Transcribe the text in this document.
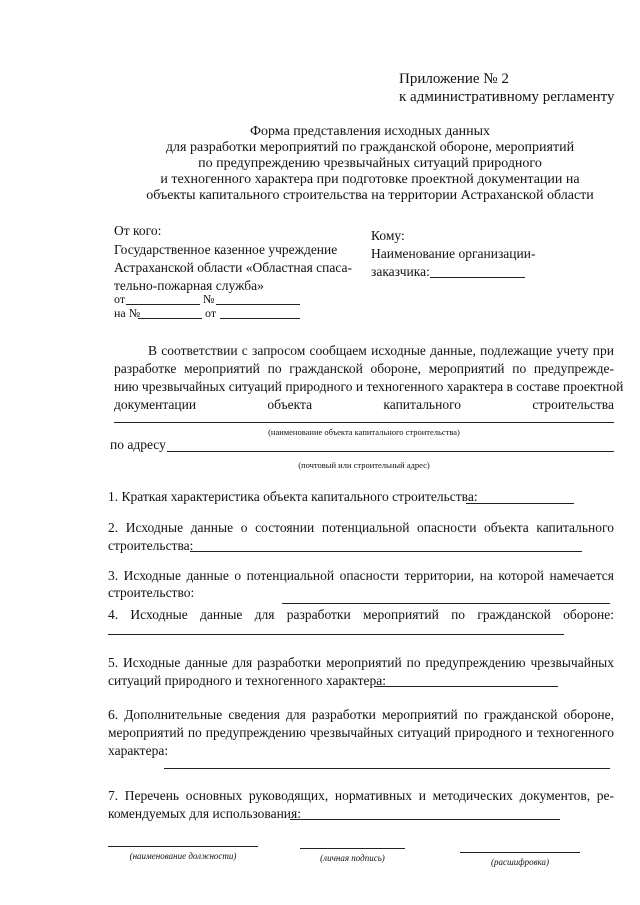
Приложение № 2
к административному регламенту
Форма представления исходных данных
для разработки мероприятий по гражданской обороне, мероприятий
по предупреждению чрезвычайных ситуаций природного
и техногенного характера при подготовке проектной документации на
объекты капитального строительства на территории Астраханской области
От кого:
Государственное казенное учреждение
Астраханской области «Областная спаса-
тельно-пожарная служба»
от	№
на №	от
Кому:
Наименование организации-
заказчика:
В соответствии с запросом сообщаем исходные данные, подлежащие учету при
разработке мероприятий по гражданской обороне, мероприятий по предупрежде-
нию чрезвычайных ситуаций природного и техногенного характера в составе проектной
документации объекта капитального строительства
(наименование объекта капитального строительства)
по адресу
(почтовый или строительный адрес)
1. Краткая характеристика объекта капитального строительства:
2. Исходные данные о состоянии потенциальной опасности объекта капитального
строительства:
3. Исходные данные о потенциальной опасности территории, на которой намечается
строительство:
4. Исходные данные для разработки мероприятий по гражданской обороне:
5. Исходные данные для разработки мероприятий по предупреждению чрезвычайных
ситуаций природного и техногенного характера:
6. Дополнительные сведения для разработки мероприятий по гражданской обороне,
мероприятий по предупреждению чрезвычайных ситуаций природного и техногенного
характера:
7. Перечень основных руководящих, нормативных и методических документов, ре-
комендуемых для использования:
(наименование должности)	(личная подпись)	(расшифровка)
